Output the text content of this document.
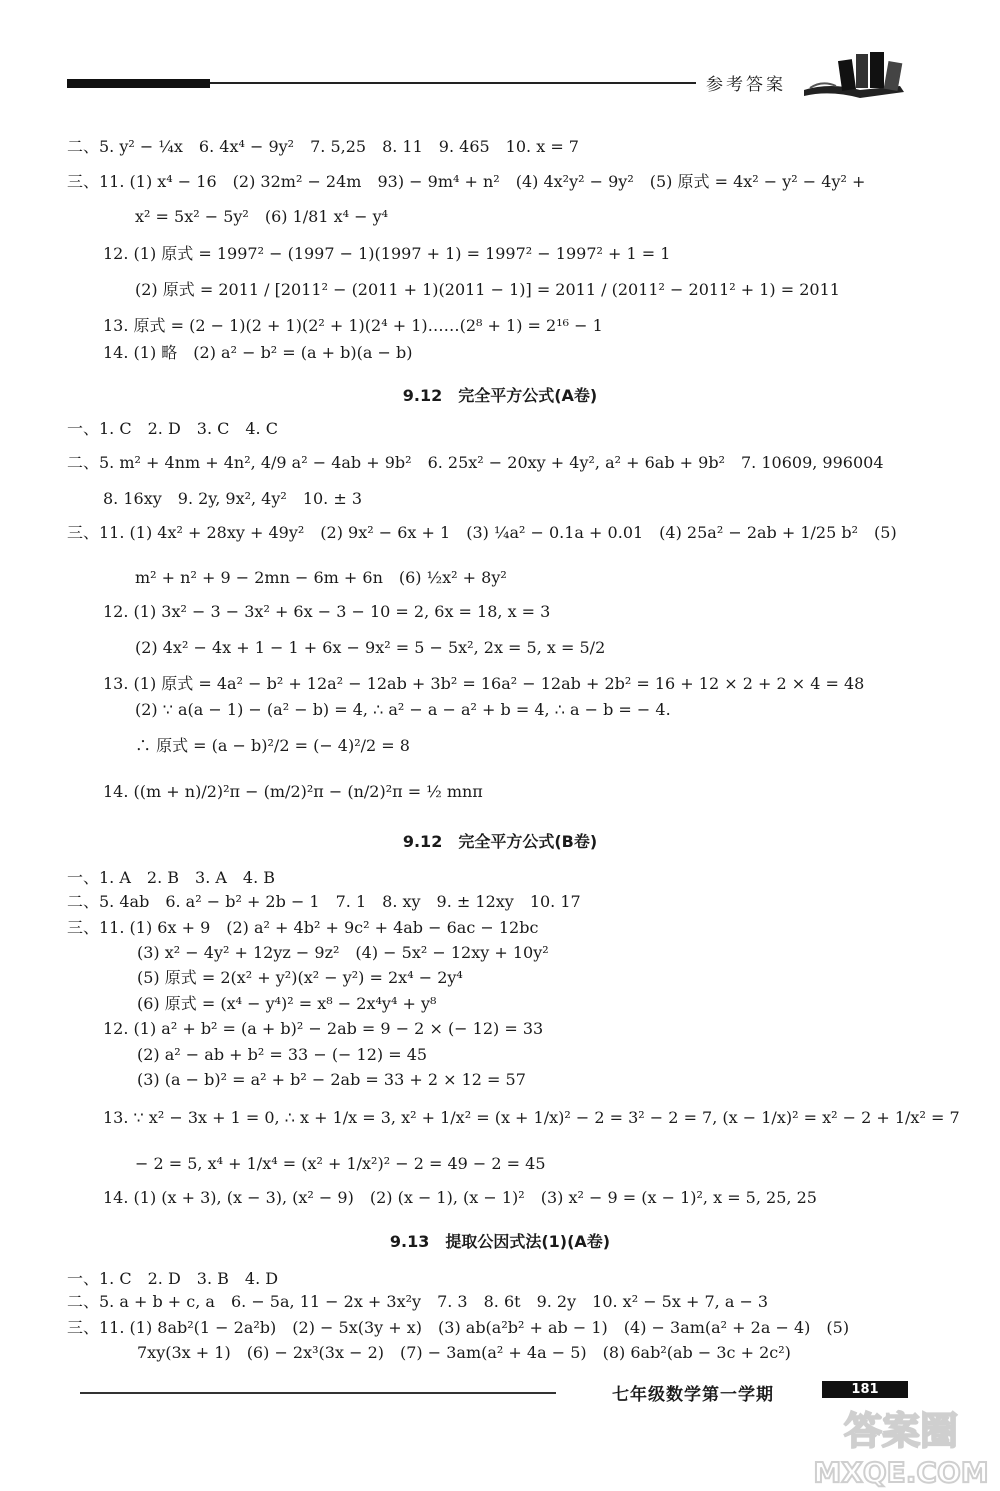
参考答案
二、5. y² − ¼x　6. 4x⁴ − 9y²　7. 5,25　8. 11　9. 465　10. x = 7
三、11. (1) x⁴ − 16　(2) 32m² − 24m　93) − 9m⁴ + n²　(4) 4x²y² − 9y²　(5) 原式 = 4x² − y² − 4y² +
x² = 5x² − 5y²　(6) 1/81 x⁴ − y⁴
12. (1) 原式 = 1997² − (1997 − 1)(1997 + 1) = 1997² − 1997² + 1 = 1
(2) 原式 = 2011 / [2011² − (2011 + 1)(2011 − 1)] = 2011 / (2011² − 2011² + 1) = 2011
13. 原式 = (2 − 1)(2 + 1)(2² + 1)(2⁴ + 1)……(2⁸ + 1) = 2¹⁶ − 1
14. (1) 略　(2) a² − b² = (a + b)(a − b)
一、1. C　2. D　3. C　4. C
二、5. m² + 4nm + 4n², 4/9 a² − 4ab + 9b²　6. 25x² − 20xy + 4y², a² + 6ab + 9b²　7. 10609, 996004
8. 16xy　9. 2y, 9x², 4y²　10. ± 3
三、11. (1) 4x² + 28xy + 49y²　(2) 9x² − 6x + 1　(3) ¼a² − 0.1a + 0.01　(4) 25a² − 2ab + 1/25 b²　(5)
m² + n² + 9 − 2mn − 6m + 6n　(6) ½x² + 8y²
12. (1) 3x² − 3 − 3x² + 6x − 3 − 10 = 2, 6x = 18, x = 3
(2) 4x² − 4x + 1 − 1 + 6x − 9x² = 5 − 5x², 2x = 5, x = 5/2
13. (1) 原式 = 4a² − b² + 12a² − 12ab + 3b² = 16a² − 12ab + 2b² = 16 + 12 × 2 + 2 × 4 = 48
(2) ∵ a(a − 1) − (a² − b) = 4, ∴ a² − a − a² + b = 4, ∴ a − b = − 4.
∴ 原式 = (a − b)²/2 = (− 4)²/2 = 8
14. ((m + n)/2)²π − (m/2)²π − (n/2)²π = ½ mnπ
一、1. A　2. B　3. A　4. B
二、5. 4ab　6. a² − b² + 2b − 1　7. 1　8. xy　9. ± 12xy　10. 17
三、11. (1) 6x + 9　(2) a² + 4b² + 9c² + 4ab − 6ac − 12bc
(3) x² − 4y² + 12yz − 9z²　(4) − 5x² − 12xy + 10y²
(5) 原式 = 2(x² + y²)(x² − y²) = 2x⁴ − 2y⁴
(6) 原式 = (x⁴ − y⁴)² = x⁸ − 2x⁴y⁴ + y⁸
12. (1) a² + b² = (a + b)² − 2ab = 9 − 2 × (− 12) = 33
(2) a² − ab + b² = 33 − (− 12) = 45
(3) (a − b)² = a² + b² − 2ab = 33 + 2 × 12 = 57
13. ∵ x² − 3x + 1 = 0, ∴ x + 1/x = 3, x² + 1/x² = (x + 1/x)² − 2 = 3² − 2 = 7, (x − 1/x)² = x² − 2 + 1/x² = 7
− 2 = 5, x⁴ + 1/x⁴ = (x² + 1/x²)² − 2 = 49 − 2 = 45
14. (1) (x + 3), (x − 3), (x² − 9)　(2) (x − 1), (x − 1)²　(3) x² − 9 = (x − 1)², x = 5, 25, 25
一、1. C　2. D　3. B　4. D
二、5. a + b + c, a　6. − 5a, 11 − 2x + 3x²y　7. 3　8. 6t　9. 2y　10. x² − 5x + 7, a − 3
三、11. (1) 8ab²(1 − 2a²b)　(2) − 5x(3y + x)　(3) ab(a²b² + ab − 1)　(4) − 3am(a² + 2a − 4)　(5)
7xy(3x + 1)　(6) − 2x³(3x − 2)　(7) − 3am(a² + 4a − 5)　(8) 6ab²(ab − 3c + 2c²)
9.12　完全平方公式(A卷)
9.12　完全平方公式(B卷)
9.13　提取公因式法(1)(A卷)
七年级数学第一学期	181
答案圈
MXQE.COM
